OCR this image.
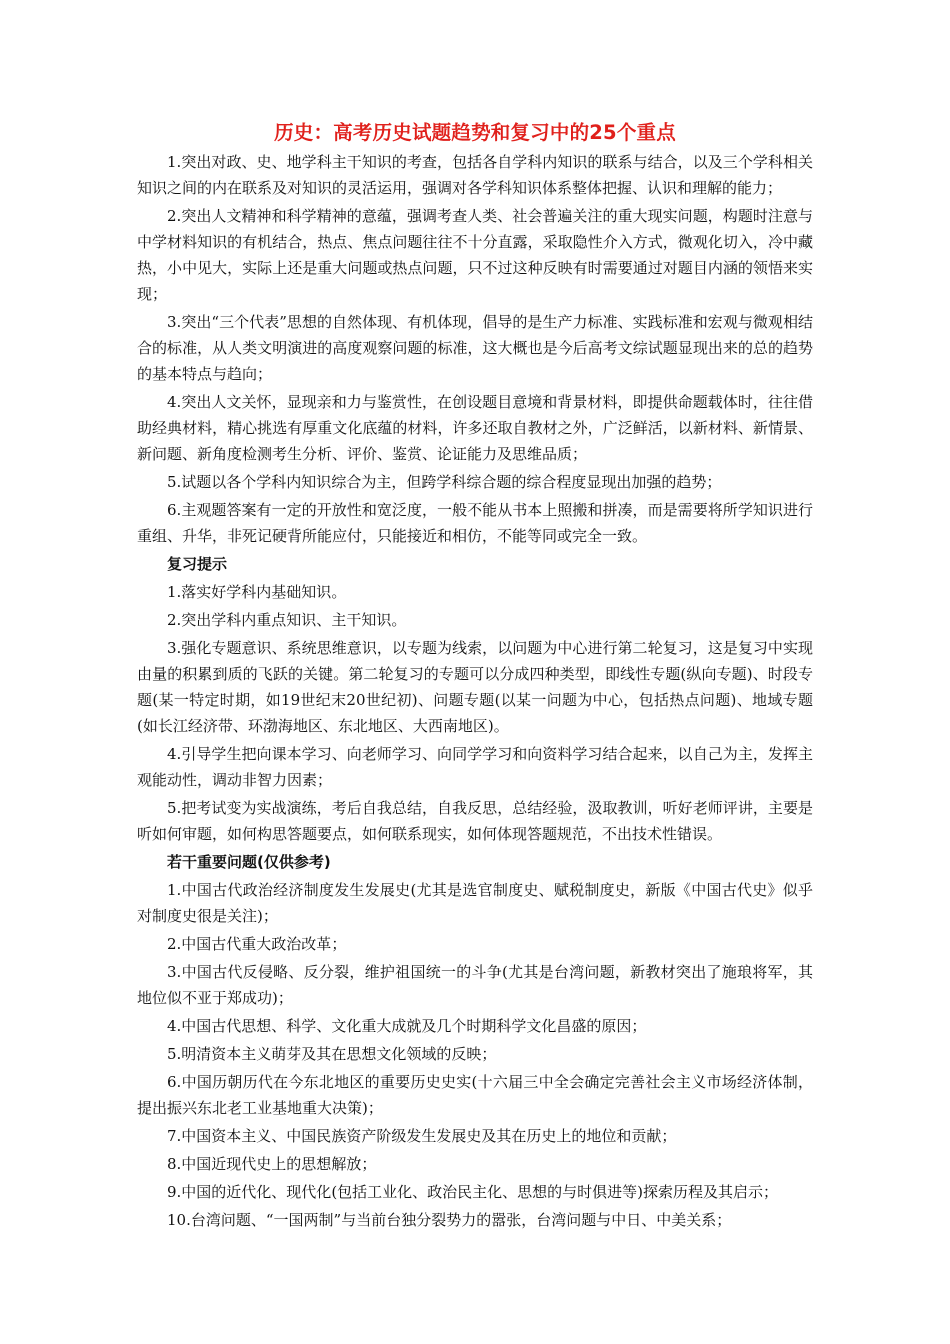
历史：高考历史试题趋势和复习中的25个重点

1.突出对政、史、地学科主干知识的考查，包括各自学科内知识的联系与结合，以及三个学科相关知识之间的内在联系及对知识的灵活运用，强调对各学科知识体系整体把握、认识和理解的能力；

2.突出人文精神和科学精神的意蕴，强调考查人类、社会普遍关注的重大现实问题，构题时注意与中学材料知识的有机结合，热点、焦点问题往往不十分直露，采取隐性介入方式，微观化切入，冷中藏热，小中见大，实际上还是重大问题或热点问题，只不过这种反映有时需要通过对题目内涵的领悟来实现；

3.突出“三个代表”思想的自然体现、有机体现，倡导的是生产力标准、实践标准和宏观与微观相结合的标准，从人类文明演进的高度观察问题的标准，这大概也是今后高考文综试题显现出来的总的趋势的基本特点与趋向；

4.突出人文关怀，显现亲和力与鉴赏性，在创设题目意境和背景材料，即提供命题载体时，往往借助经典材料，精心挑选有厚重文化底蕴的材料，许多还取自教材之外，广泛鲜活，以新材料、新情景、新问题、新角度检测考生分析、评价、鉴赏、论证能力及思维品质；

5.试题以各个学科内知识综合为主，但跨学科综合题的综合程度显现出加强的趋势；

6.主观题答案有一定的开放性和宽泛度，一般不能从书本上照搬和拼凑，而是需要将所学知识进行重组、升华，非死记硬背所能应付，只能接近和相仿，不能等同或完全一致。

复习提示

1.落实好学科内基础知识。

2.突出学科内重点知识、主干知识。

3.强化专题意识、系统思维意识，以专题为线索，以问题为中心进行第二轮复习，这是复习中实现由量的积累到质的飞跃的关键。第二轮复习的专题可以分成四种类型，即线性专题(纵向专题)、时段专题(某一特定时期，如19世纪末20世纪初)、问题专题(以某一问题为中心，包括热点问题)、地域专题(如长江经济带、环渤海地区、东北地区、大西南地区)。

4.引导学生把向课本学习、向老师学习、向同学学习和向资料学习结合起来，以自己为主，发挥主观能动性，调动非智力因素；

5.把考试变为实战演练，考后自我总结，自我反思，总结经验，汲取教训，听好老师评讲，主要是听如何审题，如何构思答题要点，如何联系现实，如何体现答题规范，不出技术性错误。

若干重要问题(仅供参考)

1.中国古代政治经济制度发生发展史(尤其是选官制度史、赋税制度史，新版《中国古代史》似乎对制度史很是关注)；

2.中国古代重大政治改革；

3.中国古代反侵略、反分裂，维护祖国统一的斗争(尤其是台湾问题，新教材突出了施琅将军，其地位似不亚于郑成功)；

4.中国古代思想、科学、文化重大成就及几个时期科学文化昌盛的原因；

5.明清资本主义萌芽及其在思想文化领域的反映；

6.中国历朝历代在今东北地区的重要历史史实(十六届三中全会确定完善社会主义市场经济体制，提出振兴东北老工业基地重大决策)；

7.中国资本主义、中国民族资产阶级发生发展史及其在历史上的地位和贡献；

8.中国近现代史上的思想解放；

9.中国的近代化、现代化(包括工业化、政治民主化、思想的与时俱进等)探索历程及其启示；

10.台湾问题、“一国两制”与当前台独分裂势力的嚣张，台湾问题与中日、中美关系；
